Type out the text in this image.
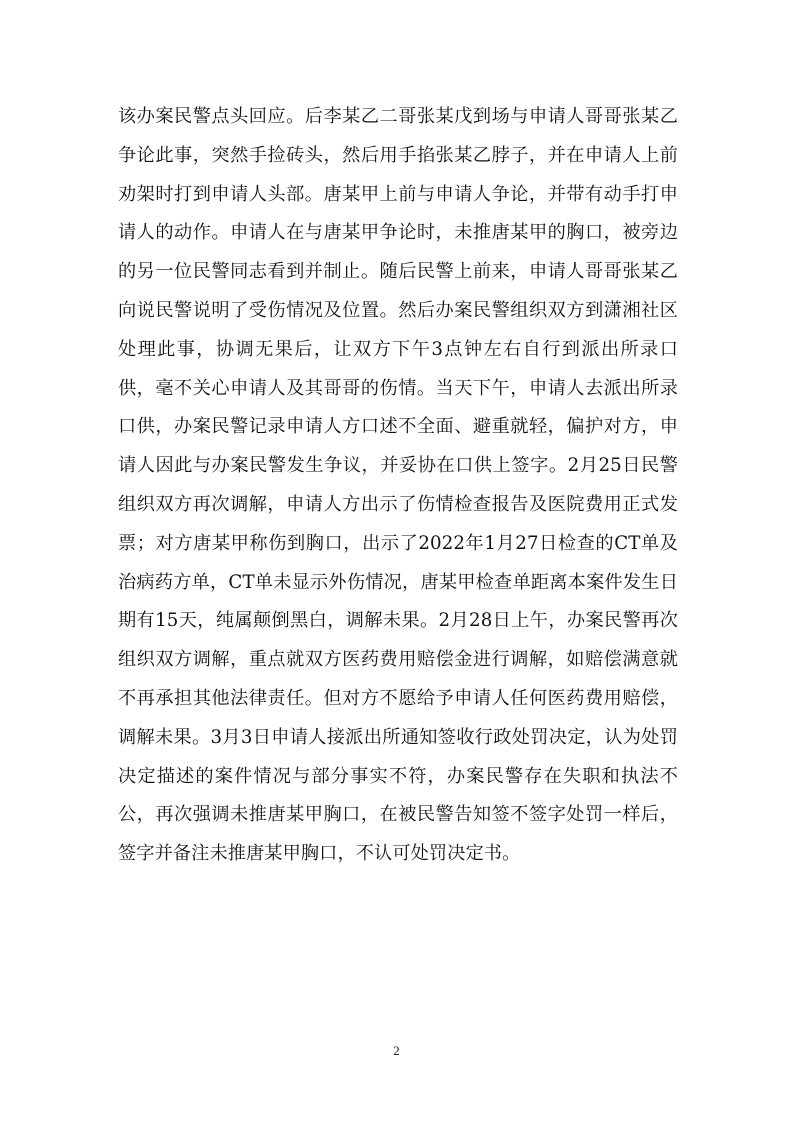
该办案民警点头回应。后李某乙二哥张某戊到场与申请人哥哥张某乙争论此事，突然手捡砖头，然后用手掐张某乙脖子，并在申请人上前劝架时打到申请人头部。唐某甲上前与申请人争论，并带有动手打申请人的动作。申请人在与唐某甲争论时，未推唐某甲的胸口，被旁边的另一位民警同志看到并制止。随后民警上前来，申请人哥哥张某乙向说民警说明了受伤情况及位置。然后办案民警组织双方到潇湘社区处理此事，协调无果后，让双方下午3点钟左右自行到派出所录口供，毫不关心申请人及其哥哥的伤情。当天下午，申请人去派出所录口供，办案民警记录申请人方口述不全面、避重就轻，偏护对方，申请人因此与办案民警发生争议，并妥协在口供上签字。2月25日民警组织双方再次调解，申请人方出示了伤情检查报告及医院费用正式发票；对方唐某甲称伤到胸口，出示了2022年1月27日检查的CT单及治病药方单，CT单未显示外伤情况，唐某甲检查单距离本案件发生日期有15天，纯属颠倒黑白，调解未果。2月28日上午，办案民警再次组织双方调解，重点就双方医药费用赔偿金进行调解，如赔偿满意就不再承担其他法律责任。但对方不愿给予申请人任何医药费用赔偿，调解未果。3月3日申请人接派出所通知签收行政处罚决定，认为处罚决定描述的案件情况与部分事实不符，办案民警存在失职和执法不公，再次强调未推唐某甲胸口，在被民警告知签不签字处罚一样后，签字并备注未推唐某甲胸口，不认可处罚决定书。

2
